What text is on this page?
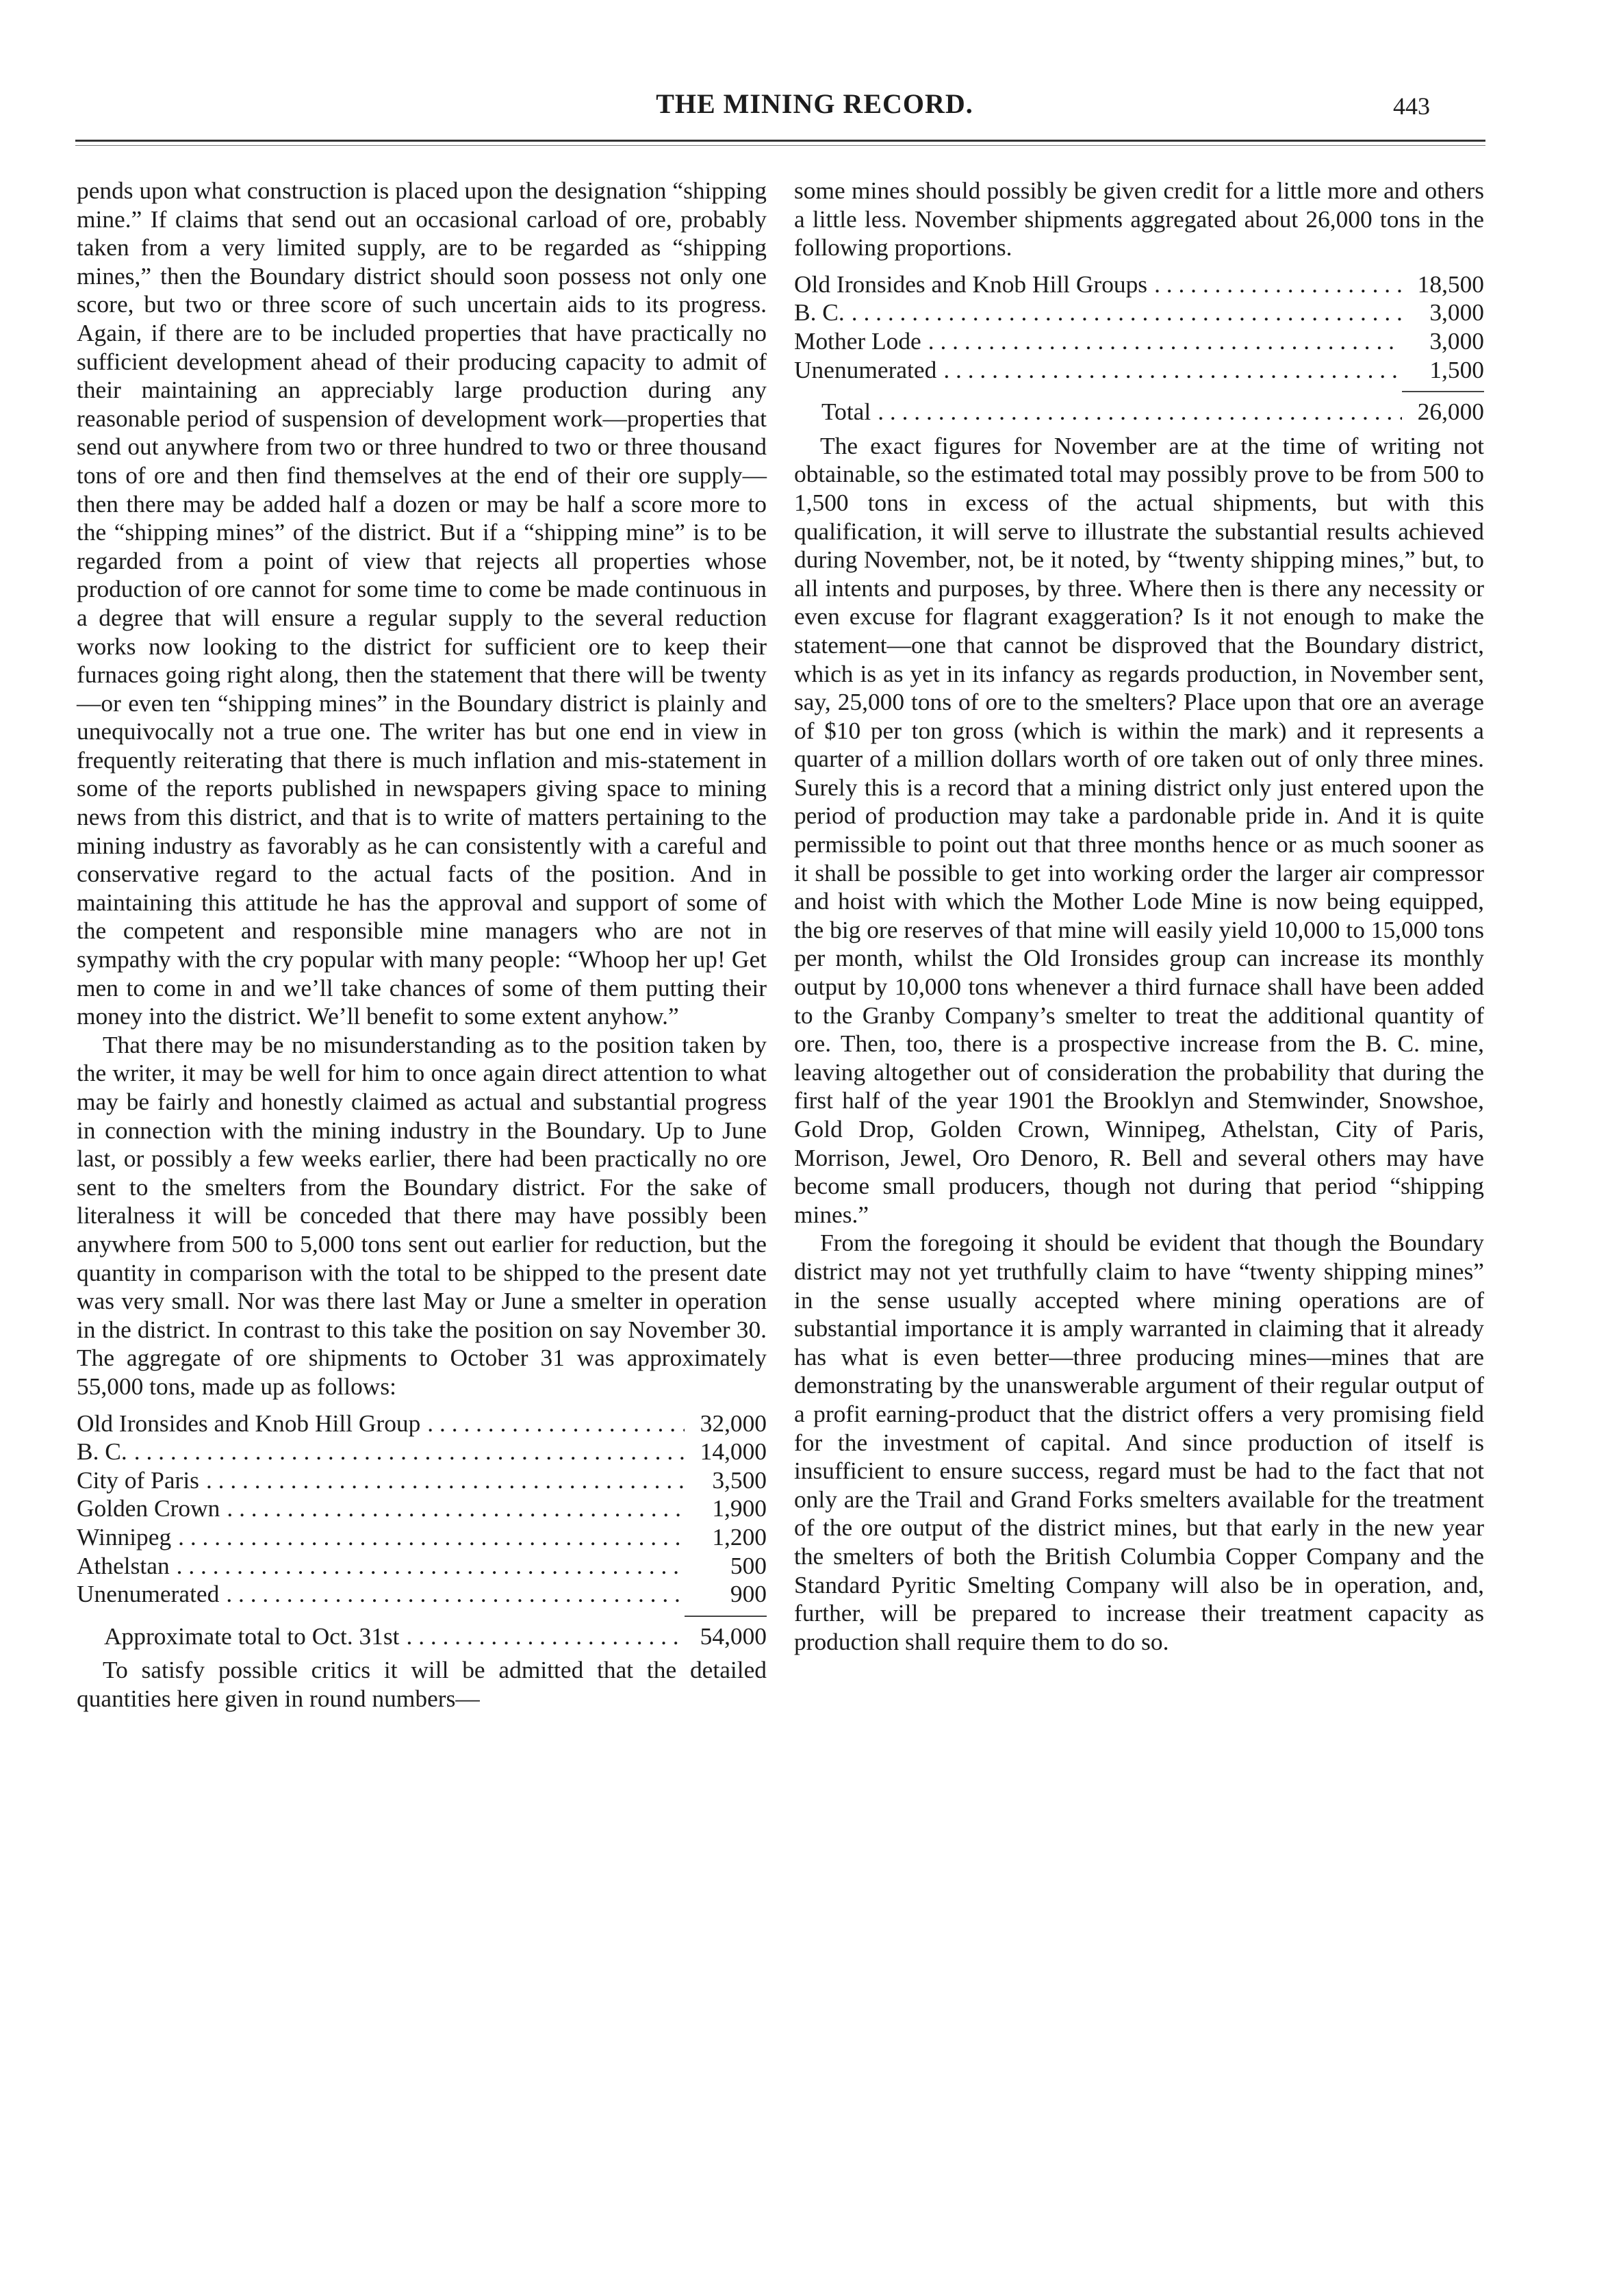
THE MINING RECORD.	443

pends upon what construction is placed upon the designation “shipping mine.” If claims that send out an occasional carload of ore, probably taken from a very limited supply, are to be regarded as “shipping mines,” then the Boundary district should soon possess not only one score, but two or three score of such uncertain aids to its progress. Again, if there are to be included properties that have practically no sufficient development ahead of their producing capacity to admit of their maintaining an appreciably large production during any reasonable period of suspension of development work—properties that send out anywhere from two or three hundred to two or three thousand tons of ore and then find themselves at the end of their ore supply—then there may be added half a dozen or may be half a score more to the “shipping mines” of the district. But if a “shipping mine” is to be regarded from a point of view that rejects all properties whose production of ore cannot for some time to come be made continuous in a degree that will ensure a regular supply to the several reduction works now looking to the district for sufficient ore to keep their furnaces going right along, then the statement that there will be twenty—or even ten “shipping mines” in the Boundary district is plainly and unequivocally not a true one. The writer has but one end in view in frequently reiterating that there is much inflation and mis-statement in some of the reports published in newspapers giving space to mining news from this district, and that is to write of matters pertaining to the mining industry as favorably as he can consistently with a careful and conservative regard to the actual facts of the position. And in maintaining this attitude he has the approval and support of some of the competent and responsible mine managers who are not in sympathy with the cry popular with many people: “Whoop her up! Get men to come in and we’ll take chances of some of them putting their money into the district. We’ll benefit to some extent anyhow.”

That there may be no misunderstanding as to the position taken by the writer, it may be well for him to once again direct attention to what may be fairly and honestly claimed as actual and substantial progress in connection with the mining industry in the Boundary. Up to June last, or possibly a few weeks earlier, there had been practically no ore sent to the smelters from the Boundary district. For the sake of literalness it will be conceded that there may have possibly been anywhere from 500 to 5,000 tons sent out earlier for reduction, but the quantity in comparison with the total to be shipped to the present date was very small. Nor was there last May or June a smelter in operation in the district. In contrast to this take the position on say November 30. The aggregate of ore shipments to October 31 was approximately 55,000 tons, made up as follows:

Old Ironsides and Knob Hill Group . . .	32,000
B. C. . . .	14,000
City of Paris . . .	3,500
Golden Crown . . .	1,900
Winnipeg . . .	1,200
Athelstan . . .	500
Unenumerated . . .	900
Approximate total to Oct. 31st . . .	54,000

To satisfy possible critics it will be admitted that the detailed quantities here given in round numbers—

some mines should possibly be given credit for a little more and others a little less. November shipments aggregated about 26,000 tons in the following proportions.

Old Ironsides and Knob Hill Groups . . .	18,500
B. C. . . .	3,000
Mother Lode . . .	3,000
Unenumerated . . .	1,500
Total . . .	26,000

The exact figures for November are at the time of writing not obtainable, so the estimated total may possibly prove to be from 500 to 1,500 tons in excess of the actual shipments, but with this qualification, it will serve to illustrate the substantial results achieved during November, not, be it noted, by “twenty shipping mines,” but, to all intents and purposes, by three. Where then is there any necessity or even excuse for flagrant exaggeration? Is it not enough to make the statement—one that cannot be disproved that the Boundary district, which is as yet in its infancy as regards production, in November sent, say, 25,000 tons of ore to the smelters? Place upon that ore an average of $10 per ton gross (which is within the mark) and it represents a quarter of a million dollars worth of ore taken out of only three mines. Surely this is a record that a mining district only just entered upon the period of production may take a pardonable pride in. And it is quite permissible to point out that three months hence or as much sooner as it shall be possible to get into working order the larger air compressor and hoist with which the Mother Lode Mine is now being equipped, the big ore reserves of that mine will easily yield 10,000 to 15,000 tons per month, whilst the Old Ironsides group can increase its monthly output by 10,000 tons whenever a third furnace shall have been added to the Granby Company’s smelter to treat the additional quantity of ore. Then, too, there is a prospective increase from the B. C. mine, leaving altogether out of consideration the probability that during the first half of the year 1901 the Brooklyn and Stemwinder, Snowshoe, Gold Drop, Golden Crown, Winnipeg, Athelstan, City of Paris, Morrison, Jewel, Oro Denoro, R. Bell and several others may have become small producers, though not during that period “shipping mines.”

From the foregoing it should be evident that though the Boundary district may not yet truthfully claim to have “twenty shipping mines” in the sense usually accepted where mining operations are of substantial importance it is amply warranted in claiming that it already has what is even better—three producing mines—mines that are demonstrating by the unanswerable argument of their regular output of a profit earning-product that the district offers a very promising field for the investment of capital. And since production of itself is insufficient to ensure success, regard must be had to the fact that not only are the Trail and Grand Forks smelters available for the treatment of the ore output of the district mines, but that early in the new year the smelters of both the British Columbia Copper Company and the Standard Pyritic Smelting Company will also be in operation, and, further, will be prepared to increase their treatment capacity as production shall require them to do so.
